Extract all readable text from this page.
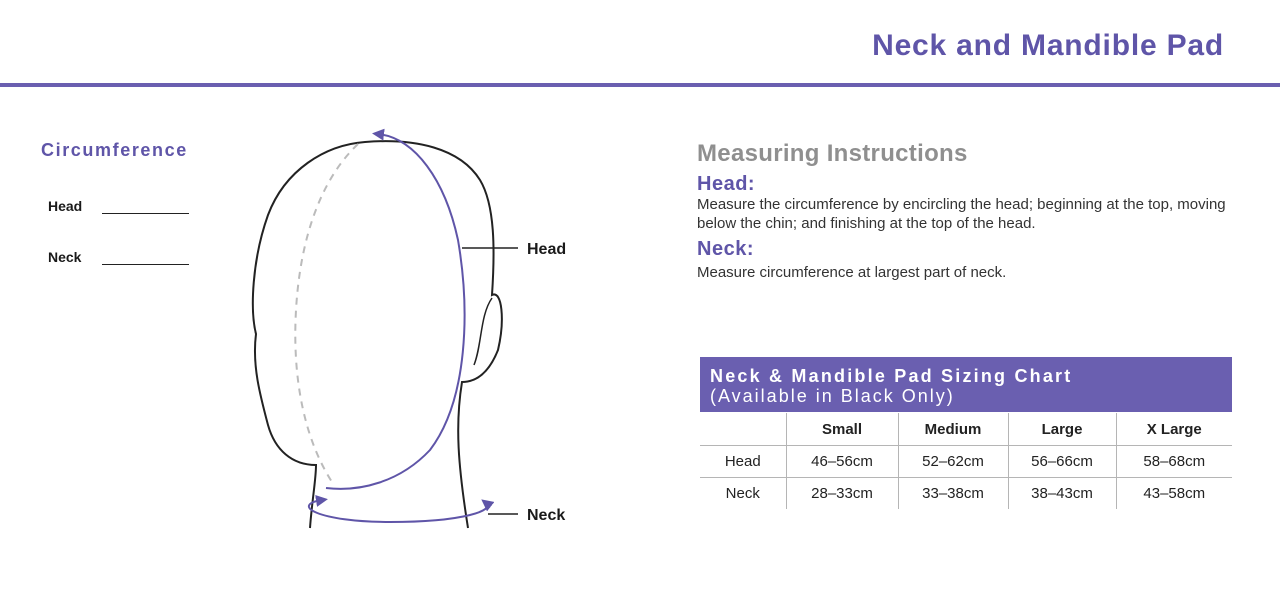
Neck and Mandible Pad
Circumference
Head
Neck	Head
Neck
Measuring Instructions
Head:

Measure the circumference by encircling the head; beginning at the top, moving below the chin; and finishing at the top of the head.

Neck:

Measure circumference at largest part of neck.

Neck & Mandible Pad Sizing Chart
(Available in Black Only)
	Small	Medium	Large	X Large
Head	46–56cm	52–62cm	56–66cm	58–68cm
Neck	28–33cm	33–38cm	38–43cm	43–58cm
